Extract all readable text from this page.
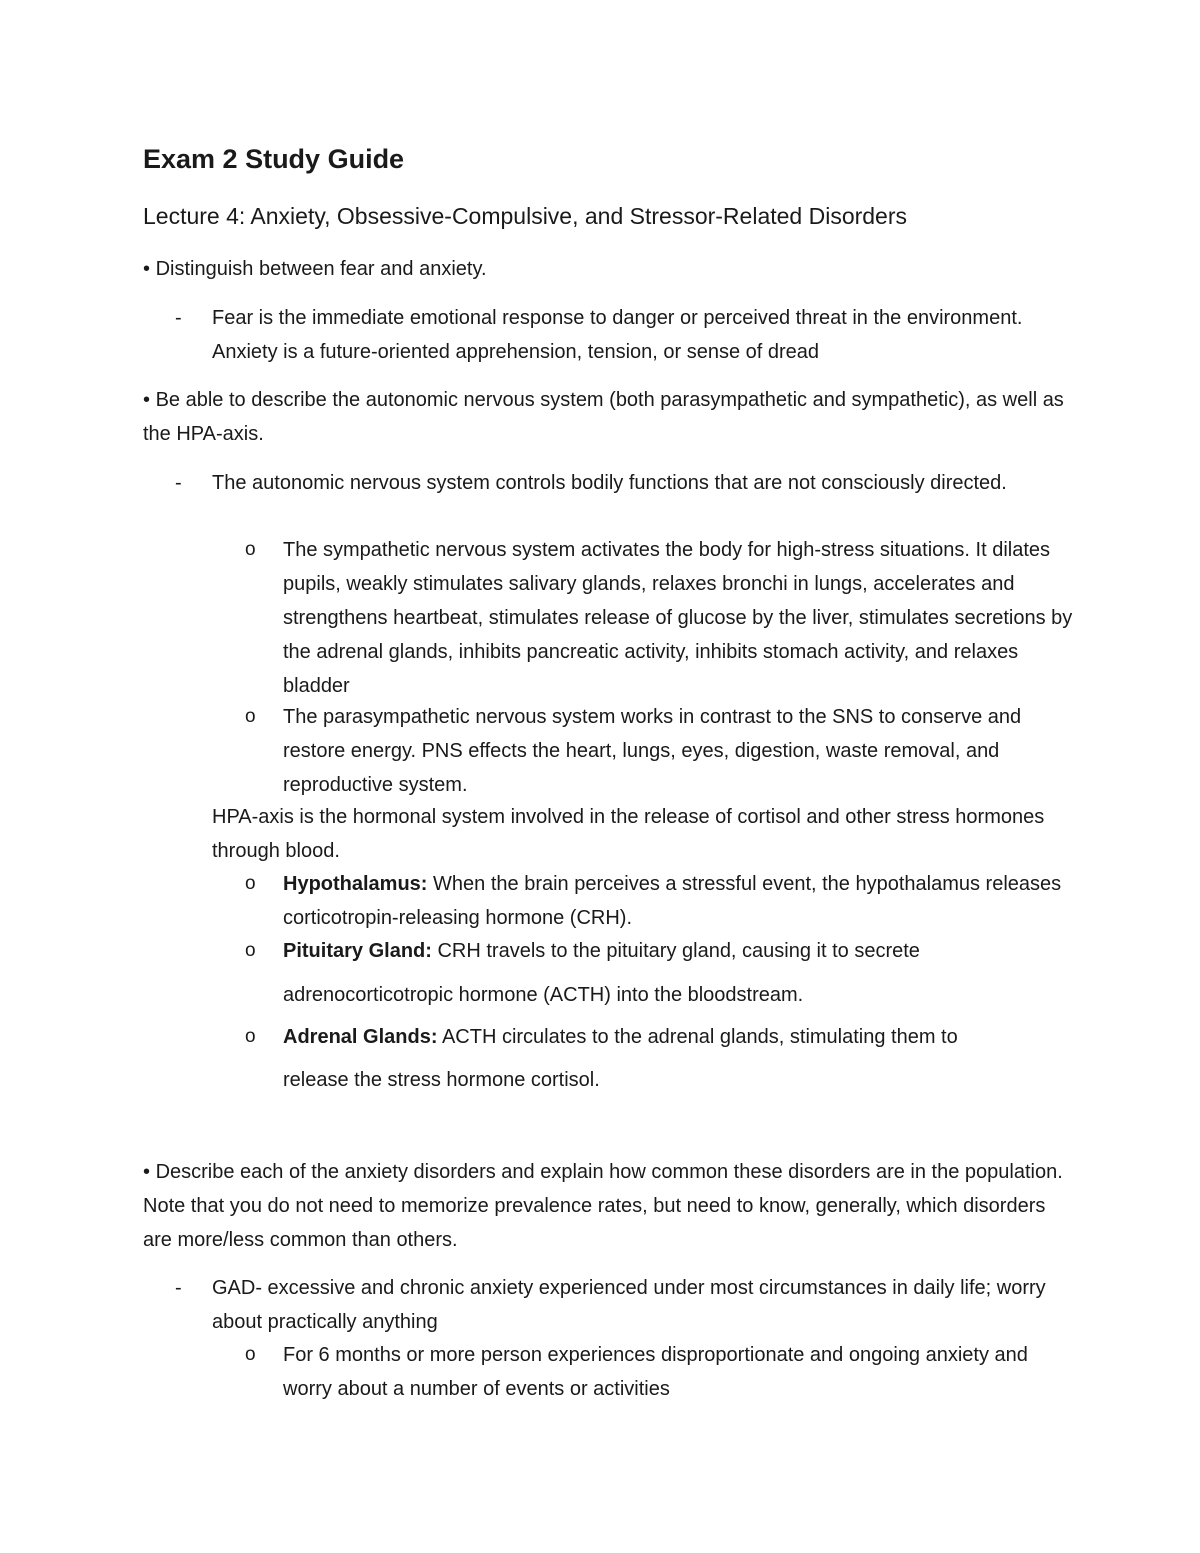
Exam 2 Study Guide
Lecture 4: Anxiety, Obsessive-Compulsive, and Stressor-Related Disorders

• Distinguish between fear and anxiety.

- Fear is the immediate emotional response to danger or perceived threat in the environment. Anxiety is a future-oriented apprehension, tension, or sense of dread

• Be able to describe the autonomic nervous system (both parasympathetic and sympathetic), as well as the HPA-axis.

- The autonomic nervous system controls bodily functions that are not consciously directed.
o The sympathetic nervous system activates the body for high-stress situations. It dilates pupils, weakly stimulates salivary glands, relaxes bronchi in lungs, accelerates and strengthens heartbeat, stimulates release of glucose by the liver, stimulates secretions by the adrenal glands, inhibits pancreatic activity, inhibits stomach activity, and relaxes bladder
o The parasympathetic nervous system works in contrast to the SNS to conserve and restore energy. PNS effects the heart, lungs, eyes, digestion, waste removal, and reproductive system.
HPA-axis is the hormonal system involved in the release of cortisol and other stress hormones through blood.
o Hypothalamus: When the brain perceives a stressful event, the hypothalamus releases corticotropin-releasing hormone (CRH).
o Pituitary Gland: CRH travels to the pituitary gland, causing it to secrete
adrenocorticotropic hormone (ACTH) into the bloodstream.
o Adrenal Glands: ACTH circulates to the adrenal glands, stimulating them to
release the stress hormone cortisol.

• Describe each of the anxiety disorders and explain how common these disorders are in the population. Note that you do not need to memorize prevalence rates, but need to know, generally, which disorders are more/less common than others.

- GAD- excessive and chronic anxiety experienced under most circumstances in daily life; worry about practically anything
o For 6 months or more person experiences disproportionate and ongoing anxiety and worry about a number of events or activities
